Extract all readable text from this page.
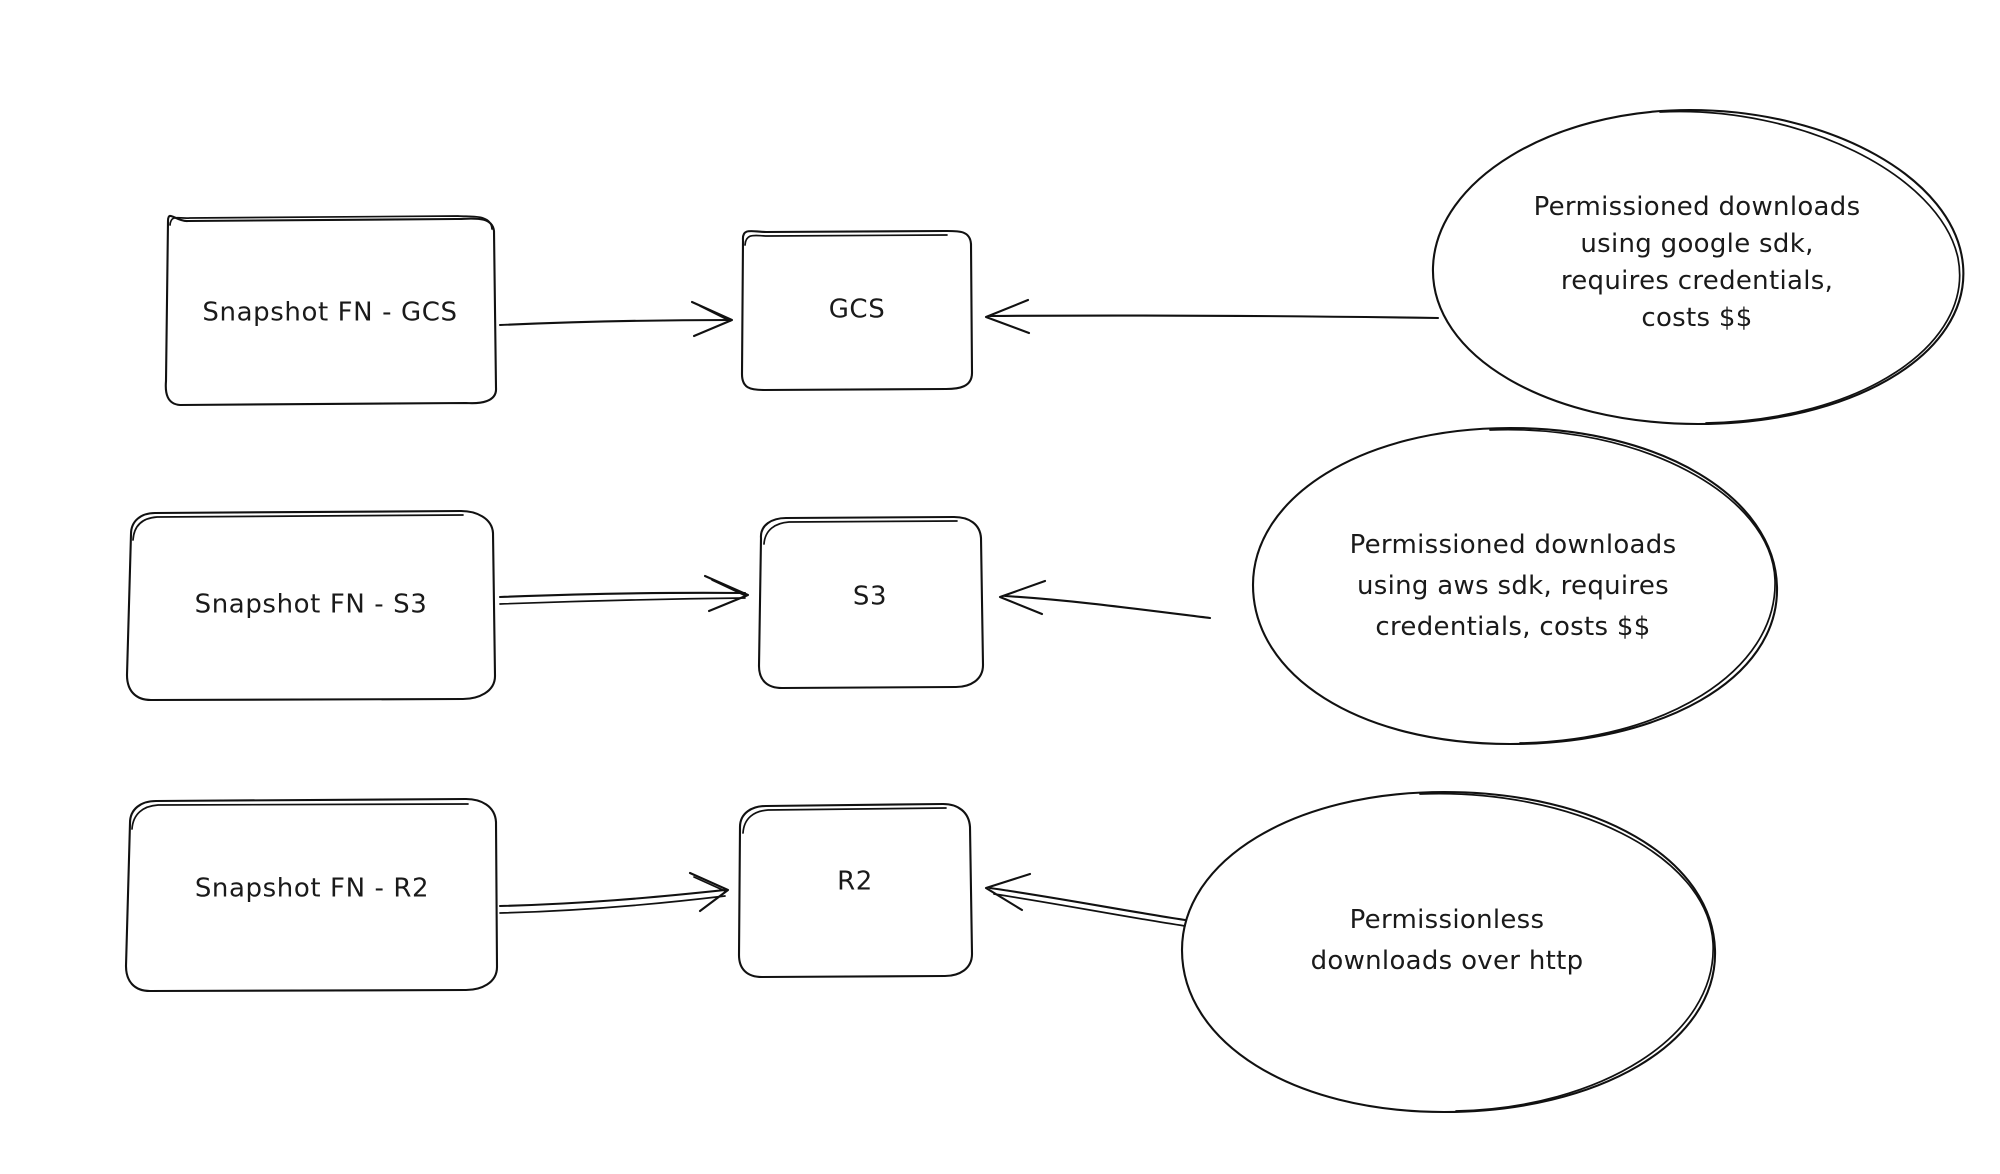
Snapshot FN - GCS	GCS
Permissioned downloads
using google sdk,
requires credentials,
costs $$
Snapshot FN - S3	S3
Permissioned downloads
using aws sdk, requires
credentials, costs $$
Snapshot FN - R2	R2
Permissionless
downloads over http
